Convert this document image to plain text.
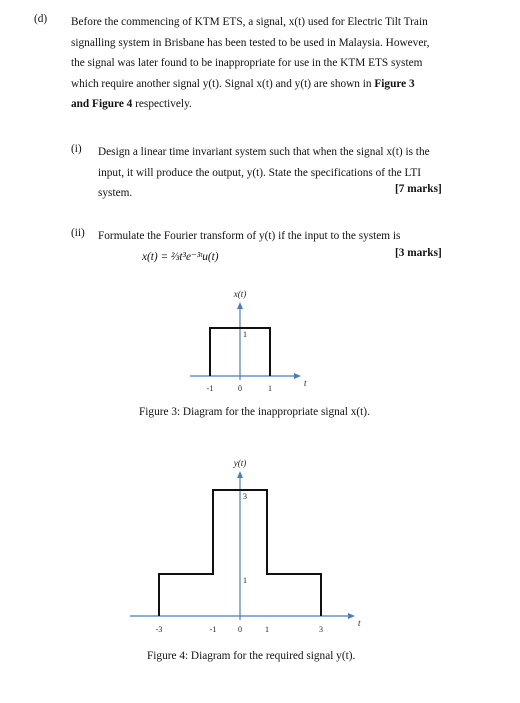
(d) Before the commencing of KTM ETS, a signal, x(t) used for Electric Tilt Train
signalling system in Brisbane has been tested to be used in Malaysia. However,
the signal was later found to be inappropriate for use in the KTM ETS system
which require another signal y(t). Signal x(t) and y(t) are shown in Figure 3
and Figure 4 respectively.
(i) Design a linear time invariant system such that when the signal x(t) is the
input, it will produce the output, y(t). State the specifications of the LTI
system.	[7 marks]
(ii) Formulate the Fourier transform of y(t) if the input to the system is
x(t) = ⅔t³e⁻³ᵗu(t)	[3 marks]
x(t)
t
-1	0	1
1
Figure 3: Diagram for the inappropriate signal x(t).
y(t)
t
-3	-1	0	1	3
3
1
Figure 4: Diagram for the required signal y(t).
